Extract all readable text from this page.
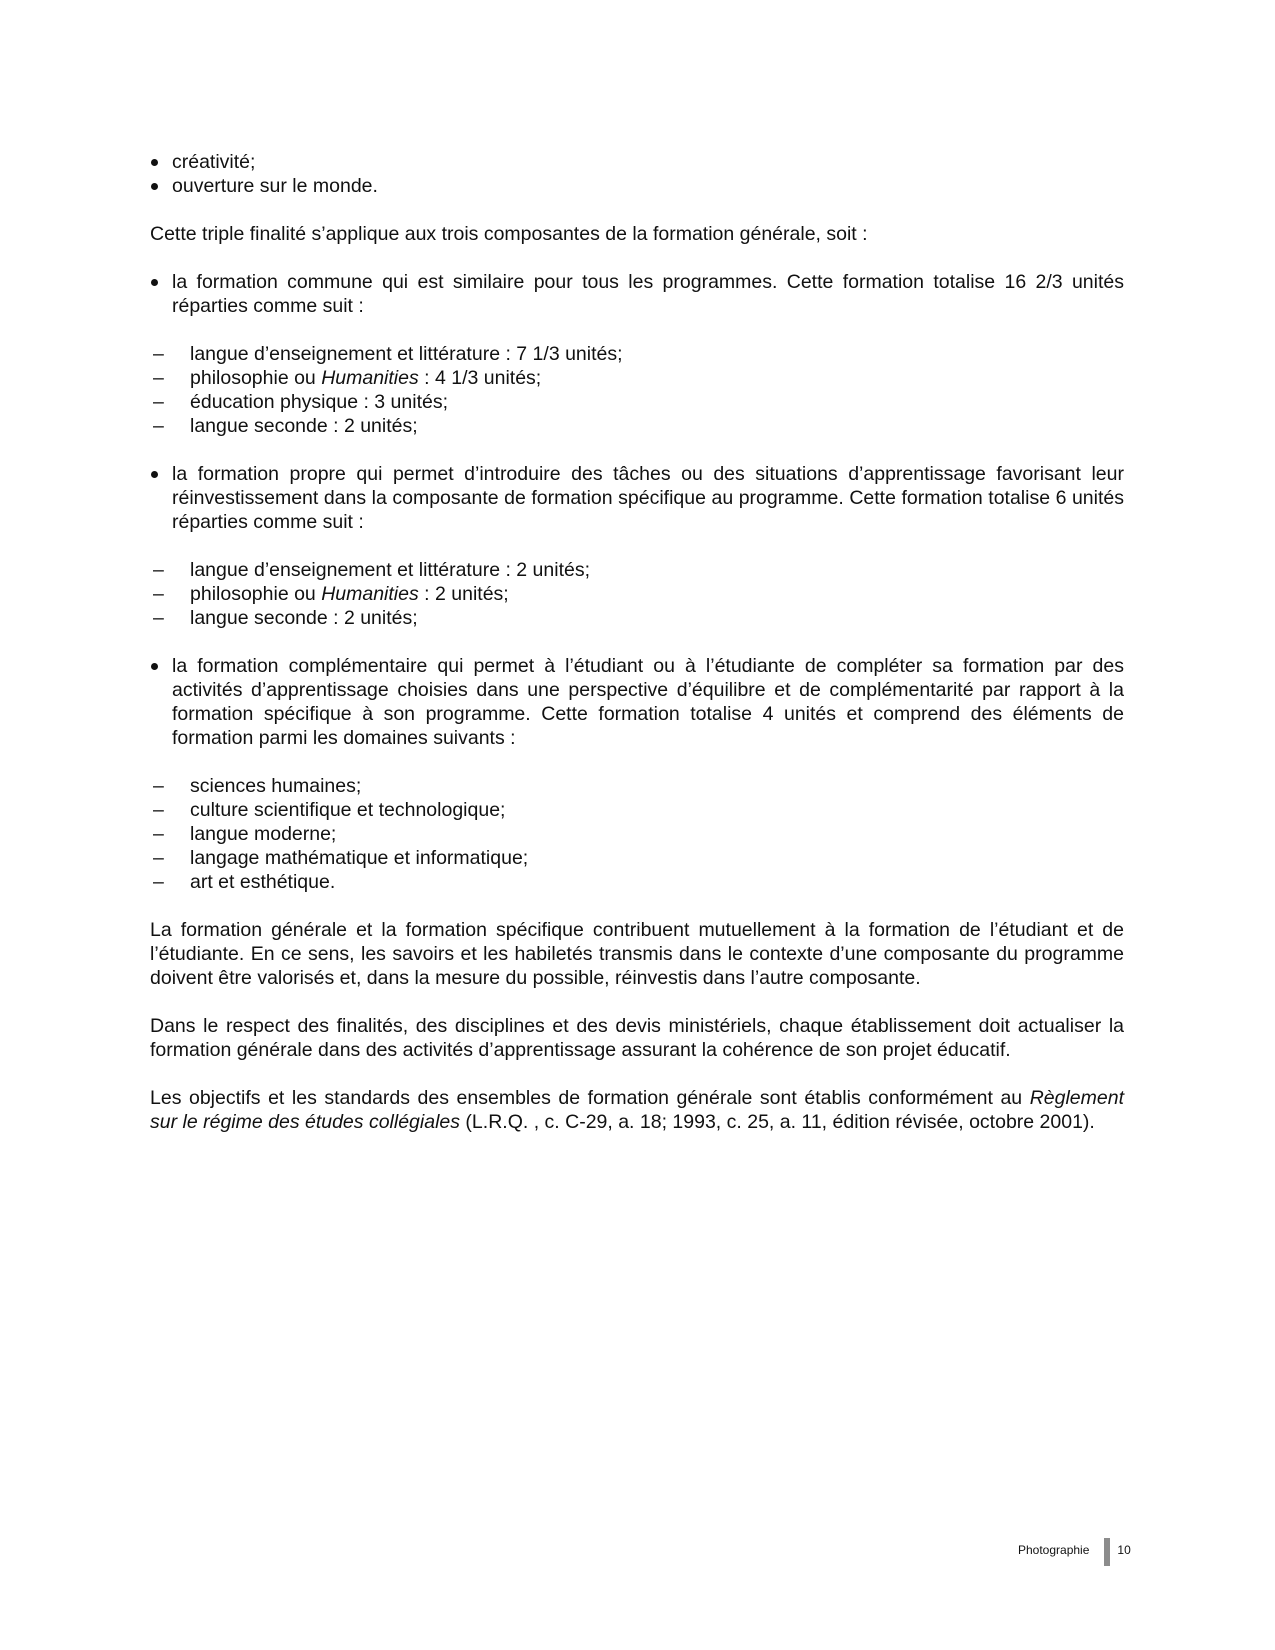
créativité;
ouverture sur le monde.

Cette triple finalité s’applique aux trois composantes de la formation générale, soit :

la formation commune qui est similaire pour tous les programmes. Cette formation totalise 16 2/3 unités réparties comme suit :
– langue d’enseignement et littérature : 7 1/3 unités;
– philosophie ou Humanities : 4 1/3 unités;
– éducation physique : 3 unités;
– langue seconde : 2 unités;
la formation propre qui permet d’introduire des tâches ou des situations d’apprentissage favorisant leur réinvestissement dans la composante de formation spécifique au programme. Cette formation totalise 6 unités réparties comme suit :
– langue d’enseignement et littérature : 2 unités;
– philosophie ou Humanities : 2 unités;
– langue seconde : 2 unités;
la formation complémentaire qui permet à l’étudiant ou à l’étudiante de compléter sa formation par des activités d’apprentissage choisies dans une perspective d’équilibre et de complémentarité par rapport à la formation spécifique à son programme. Cette formation totalise 4 unités et comprend des éléments de formation parmi les domaines suivants :
– sciences humaines;
– culture scientifique et technologique;
– langue moderne;
– langage mathématique et informatique;
– art et esthétique.

La formation générale et la formation spécifique contribuent mutuellement à la formation de l’étudiant et de l’étudiante. En ce sens, les savoirs et les habiletés transmis dans le contexte d’une composante du programme doivent être valorisés et, dans la mesure du possible, réinvestis dans l’autre composante.

Dans le respect des finalités, des disciplines et des devis ministériels, chaque établissement doit actualiser la formation générale dans des activités d’apprentissage assurant la cohérence de son projet éducatif.

Les objectifs et les standards des ensembles de formation générale sont établis conformément au Règlement sur le régime des études collégiales (L.R.Q. , c. C-29, a. 18; 1993, c. 25, a. 11, édition révisée, octobre 2001).

Photographie 10
